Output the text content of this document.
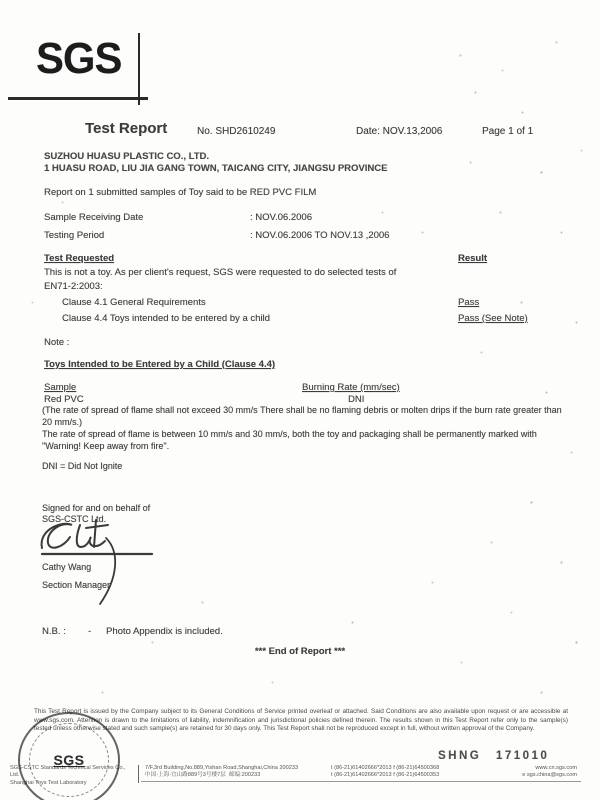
SGS
Test Report	No. SHD2610249	Date: NOV.13,2006	Page 1 of 1
SUZHOU HUASU PLASTIC CO., LTD.
1 HUASU ROAD, LIU JIA GANG TOWN, TAICANG CITY, JIANGSU PROVINCE
Report on 1 submitted samples of Toy said to be RED PVC FILM
Sample Receiving Date	: NOV.06.2006
Testing Period	: NOV.06.2006 TO NOV.13 ,2006
Test Requested	Result
This is not a toy. As per client's request, SGS were requested to do selected tests of
EN71-2:2003:
Clause 4.1 General Requirements	Pass
Clause 4.4 Toys intended to be entered by a child	Pass (See Note)
Note :
Toys Intended to be Entered by a Child (Clause 4.4)
Sample	Burning Rate (mm/sec)
Red PVC	DNI
(The rate of spread of flame shall not exceed 30 mm/s There shall be no flaming debris or molten drips if the burn rate greater than 20 mm/s.)
The rate of spread of flame is between 10 mm/s and 30 mm/s, both the toy and packaging shall be permanently marked with "Warning! Keep away from fire".
DNI = Did Not Ignite
Signed for and on behalf of
SGS-CSTC Ltd.
Cathy Wang
Section Manager
N.B. : - Photo Appendix is included.
*** End of Report ***
This Test Report is issued by the Company subject to its General Conditions of Service printed overleaf or attached. Said Conditions are also available upon request or are accessible at www.sgs.com. Attention is drawn to the limitations of liability, indemnification and jurisdictional policies defined therein. The results shown in this Test Report refer only to the sample(s) tested unless otherwise stated and such sample(s) are retained for 30 days only. This Test Report shall not be reproduced except in full, without written approval of the Company.
SHNG 171010
SGS-CSTC Standards Technical Services Co., Ltd.
Shanghai Toys Test Laboratory
7/F,3rd Building,No.889,Yishan Road,Shanghai,China 200233
中国·上海·宜山路889号3号楼7层 邮编:200233
t (86-21)61402666*2013 f (86-21)64500368
t (86-21)61402666*2013 f (86-21)64500353
www.cn.sgs.com
e sgs.china@sgs.com
SGS
